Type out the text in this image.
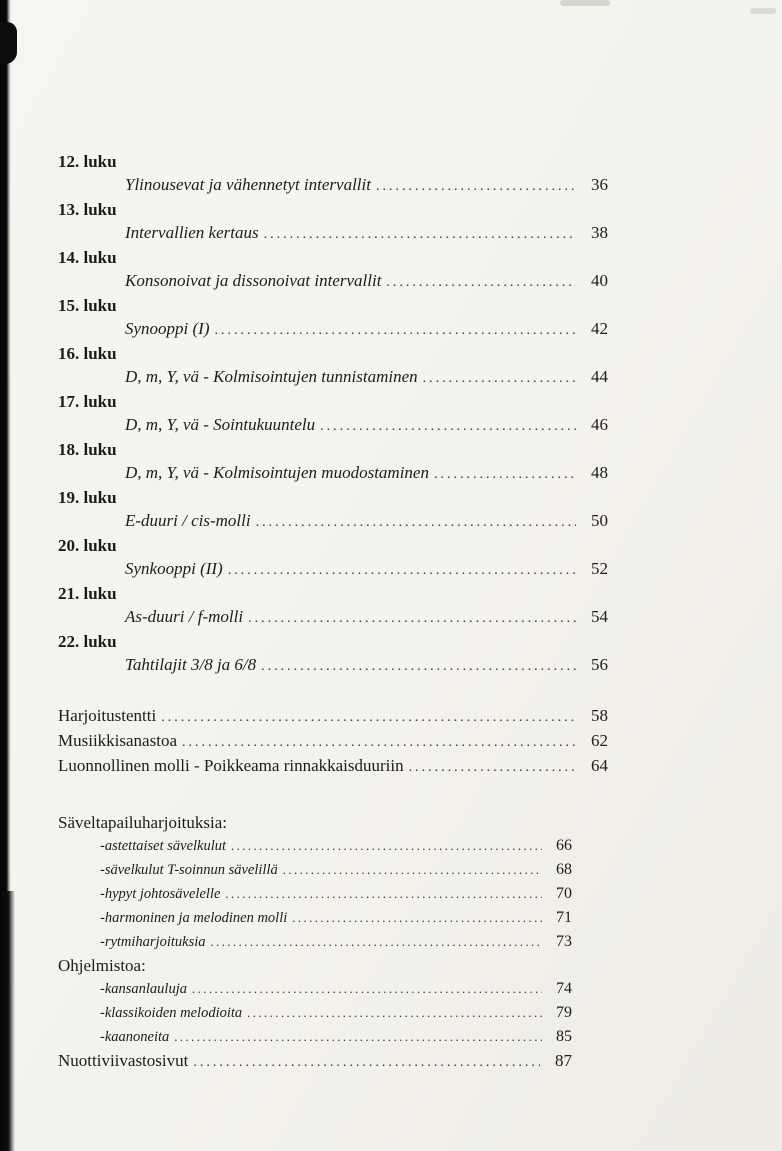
12. luku
Ylinousevat ja vähennetyt intervallit .....	36
13. luku
Intervallien kertaus .....	38
14. luku
Konsonoivat ja dissonoivat intervallit .....	40
15. luku
Synooppi (I) .....	42
16. luku
D, m, Y, vä - Kolmisointujen tunnistaminen .....	44
17. luku
D, m, Y, vä - Sointukuuntelu .....	46
18. luku
D, m, Y, vä - Kolmisointujen muodostaminen .....	48
19. luku
E-duuri / cis-molli .....	50
20. luku
Synkooppi (II) .....	52
21. luku
As-duuri / f-molli .....	54
22. luku
Tahtilajit 3/8 ja 6/8 .....	56
Harjoitustentti .....	58
Musiikkisanastoa .....	62
Luonnollinen molli - Poikkeama rinnakkaisduuriin .....	64
Säveltapailuharjoituksia:
-astettaiset sävelkulut .....	66
-sävelkulut T-soinnun sävelillä .....	68
-hypyt johtosävelelle .....	70
-harmoninen ja melodinen molli .....	71
-rytmiharjoituksia .....	73
Ohjelmistoa:
-kansanlauluja .....	74
-klassikoiden melodioita .....	79
-kaanoneita .....	85
Nuottiviivastosivut .....	87
